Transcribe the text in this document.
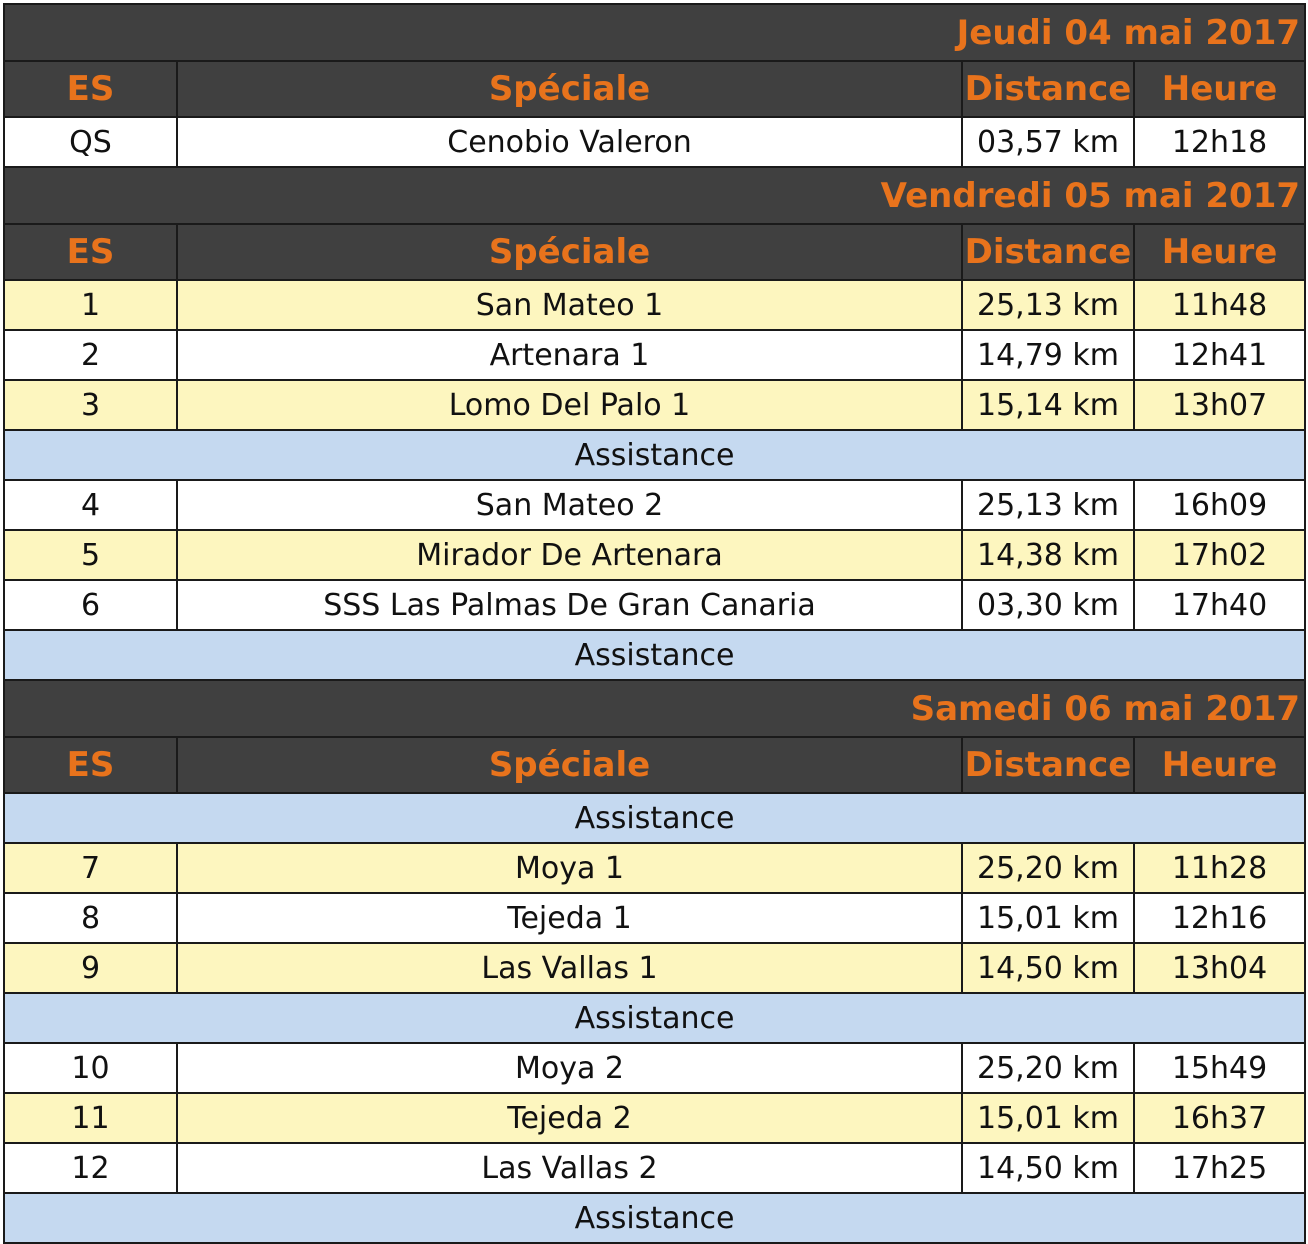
Jeudi 04 mai 2017			
ES	Spéciale	Distance	Heure
QS	Cenobio Valeron	03,57 km	12h18
Vendredi 05 mai 2017			
ES	Spéciale	Distance	Heure
1	San Mateo 1	25,13 km	11h48
2	Artenara 1	14,79 km	12h41
3	Lomo Del Palo 1	15,14 km	13h07
Assistance			
4	San Mateo 2	25,13 km	16h09
5	Mirador De Artenara	14,38 km	17h02
6	SSS Las Palmas De Gran Canaria	03,30 km	17h40
Assistance			
Samedi 06 mai 2017			
ES	Spéciale	Distance	Heure
Assistance			
7	Moya 1	25,20 km	11h28
8	Tejeda 1	15,01 km	12h16
9	Las Vallas 1	14,50 km	13h04
Assistance			
10	Moya 2	25,20 km	15h49
11	Tejeda 2	15,01 km	16h37
12	Las Vallas 2	14,50 km	17h25
Assistance			
